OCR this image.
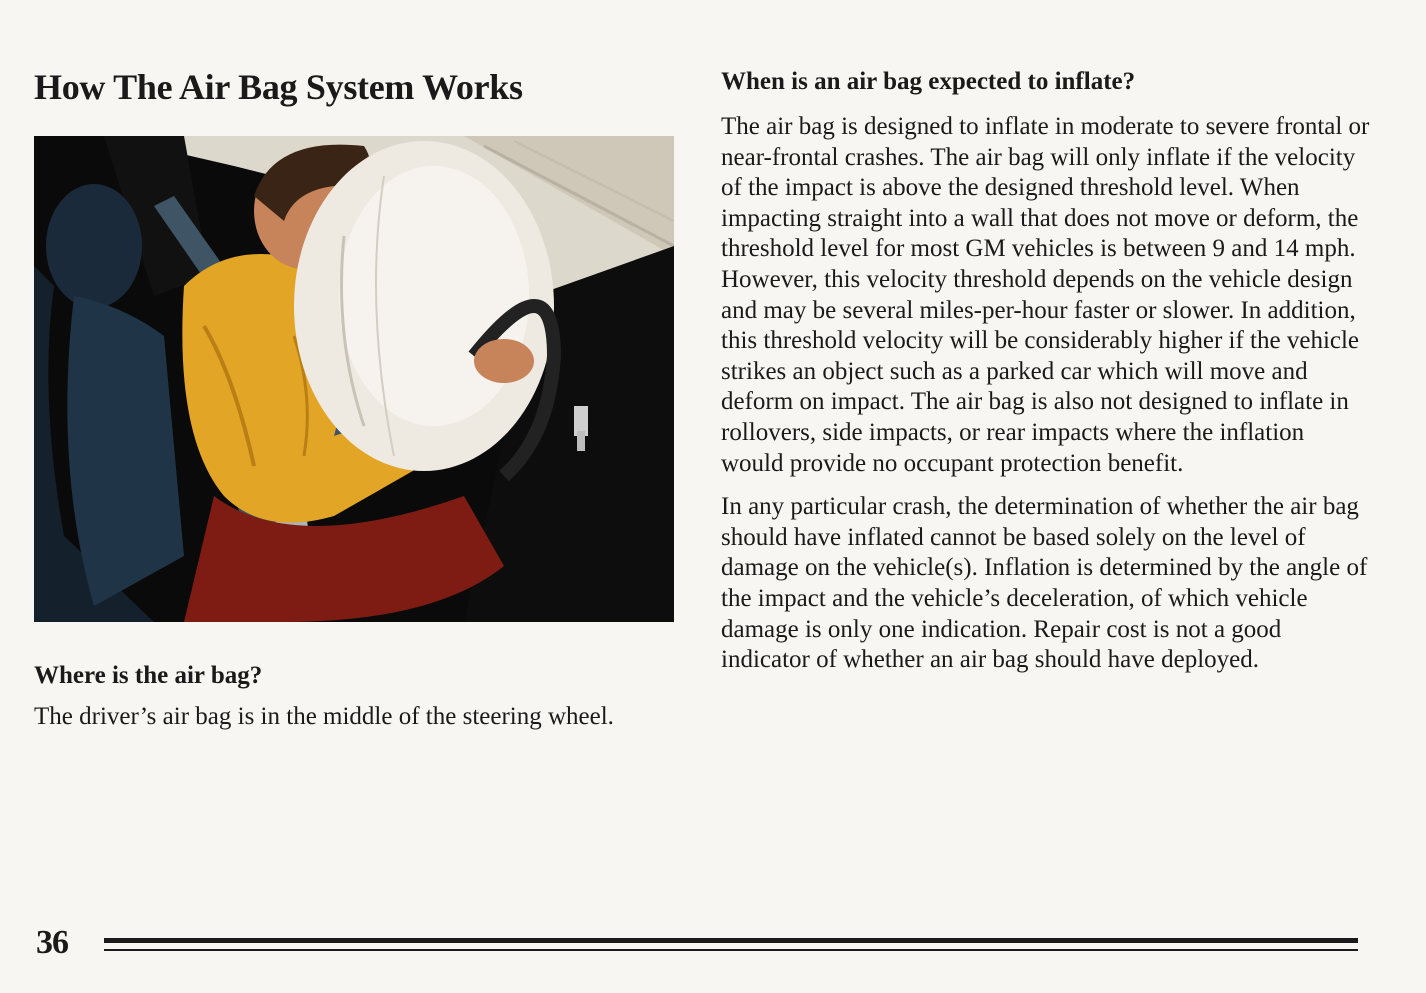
How The Air Bag System Works
Where is the air bag?

The driver’s air bag is in the middle of the steering wheel.

When is an air bag expected to inflate?

The air bag is designed to inflate in moderate to severe frontal or near-frontal crashes. The air bag will only inflate if the velocity of the impact is above the designed threshold level. When impacting straight into a wall that does not move or deform, the threshold level for most GM vehicles is between 9 and 14 mph. However, this velocity threshold depends on the vehicle design and may be several miles-per-hour faster or slower. In addition, this threshold velocity will be considerably higher if the vehicle strikes an object such as a parked car which will move and deform on impact. The air bag is also not designed to inflate in rollovers, side impacts, or rear impacts where the inflation would provide no occupant protection benefit.

In any particular crash, the determination of whether the air bag should have inflated cannot be based solely on the level of damage on the vehicle(s). Inflation is determined by the angle of the impact and the vehicle’s deceleration, of which vehicle damage is only one indication. Repair cost is not a good indicator of whether an air bag should have deployed.

36
